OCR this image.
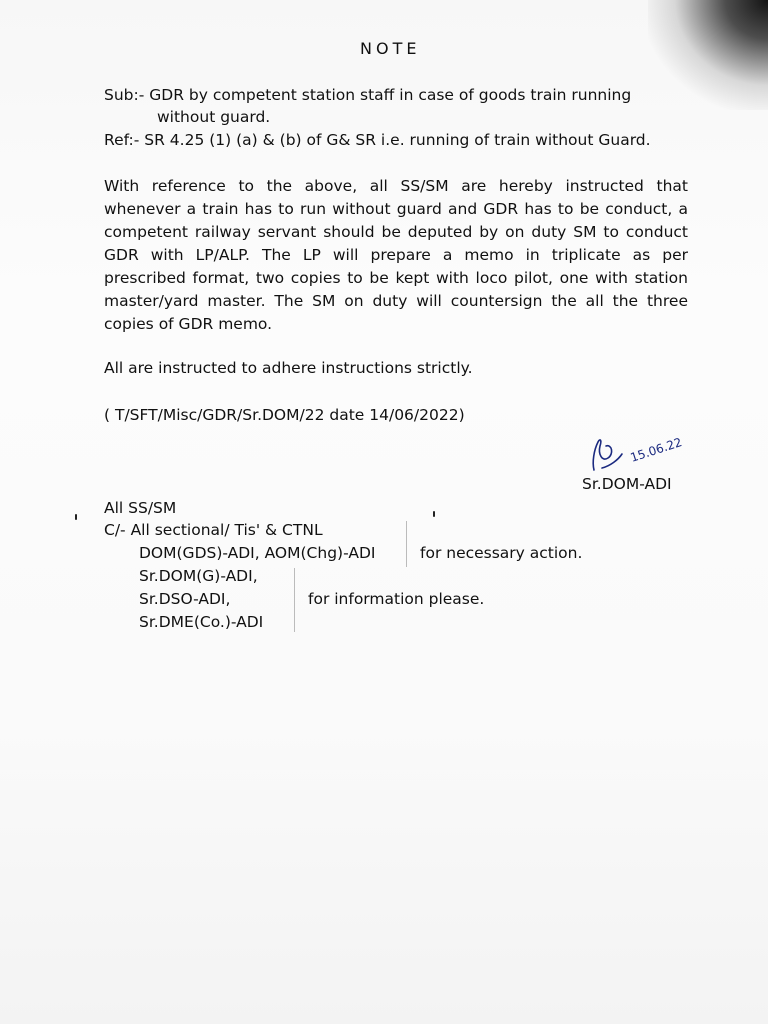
NOTE
Sub:- GDR by competent station staff in case of goods train running
without guard.
Ref:- SR 4.25 (1) (a) & (b) of G& SR i.e. running of train without Guard.
With reference to the above, all SS/SM are hereby instructed that whenever a train has to run without guard and GDR has to be conduct, a competent railway servant should be deputed by on duty SM to conduct GDR with LP/ALP. The LP will prepare a memo in triplicate as per prescribed format, two copies to be kept with loco pilot, one with station master/yard master. The SM on duty will countersign the all the three copies of GDR memo.
All are instructed to adhere instructions strictly.
( T/SFT/Misc/GDR/Sr.DOM/22 date 14/06/2022)
15.06.22
Sr.DOM-ADI
All SS/SM
C/- All sectional/ Tis' & CTNL
DOM(GDS)-ADI, AOM(Chg)-ADI	for necessary action.
Sr.DOM(G)-ADI,
Sr.DSO-ADI,
Sr.DME(Co.)-ADI
for information please.
